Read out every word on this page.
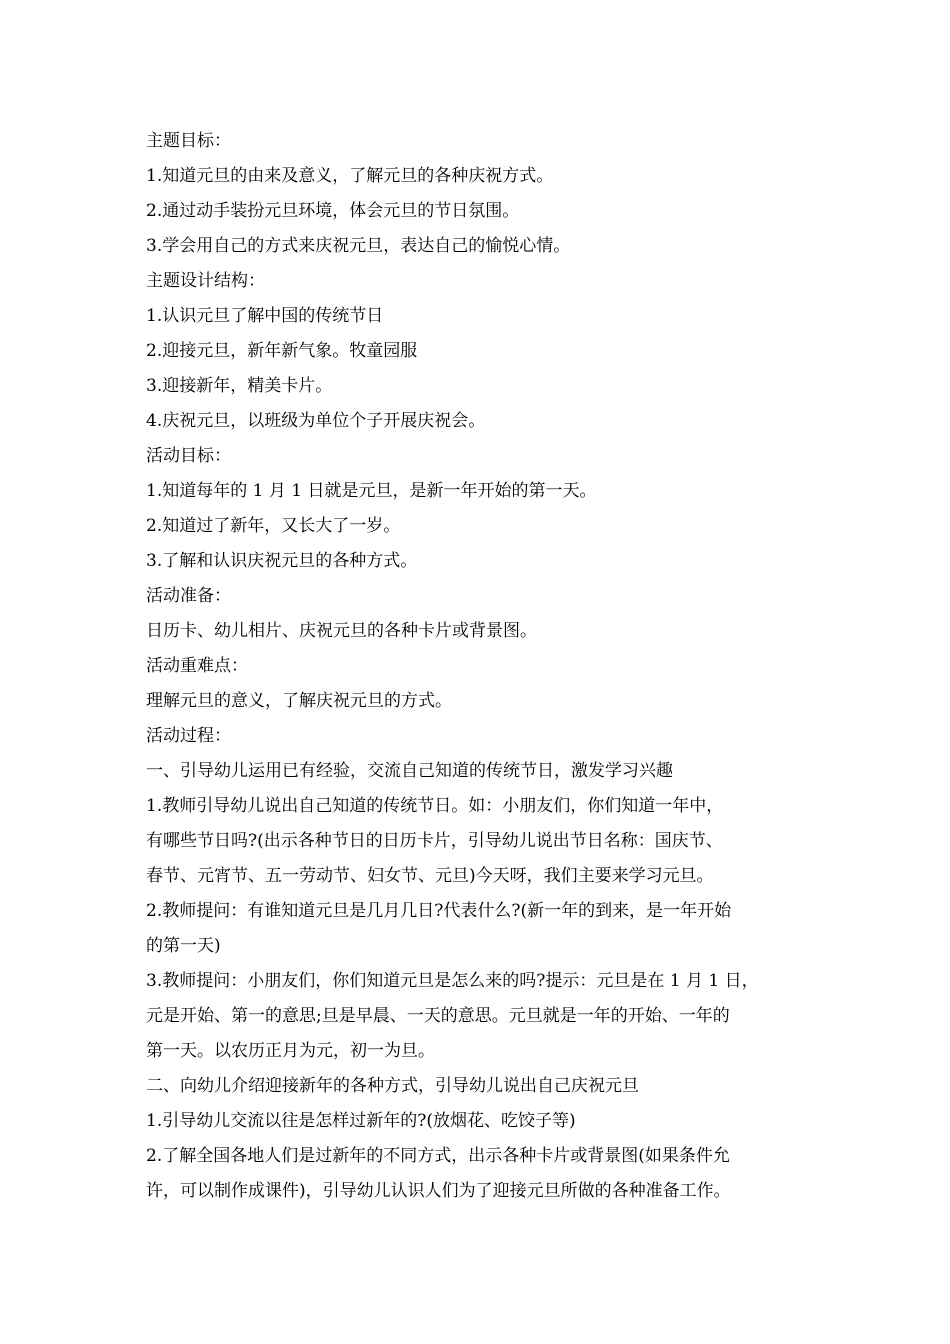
主题目标：
1.知道元旦的由来及意义，了解元旦的各种庆祝方式。
2.通过动手装扮元旦环境，体会元旦的节日氛围。
3.学会用自己的方式来庆祝元旦，表达自己的愉悦心情。
主题设计结构：
1.认识元旦了解中国的传统节日
2.迎接元旦，新年新气象。牧童园服
3.迎接新年，精美卡片。
4.庆祝元旦，以班级为单位个子开展庆祝会。
活动目标：
1.知道每年的 1 月 1 日就是元旦，是新一年开始的第一天。
2.知道过了新年，又长大了一岁。
3.了解和认识庆祝元旦的各种方式。
活动准备：
日历卡、幼儿相片、庆祝元旦的各种卡片或背景图。
活动重难点：
理解元旦的意义，了解庆祝元旦的方式。
活动过程：
一、引导幼儿运用已有经验，交流自己知道的传统节日，激发学习兴趣
1.教师引导幼儿说出自己知道的传统节日。如：小朋友们，你们知道一年中，
有哪些节日吗?(出示各种节日的日历卡片，引导幼儿说出节日名称：国庆节、
春节、元宵节、五一劳动节、妇女节、元旦)今天呀，我们主要来学习元旦。
2.教师提问：有谁知道元旦是几月几日?代表什么?(新一年的到来，是一年开始
的第一天)
3.教师提问：小朋友们，你们知道元旦是怎么来的吗?提示：元旦是在 1 月 1 日，
元是开始、第一的意思;旦是早晨、一天的意思。元旦就是一年的开始、一年的
第一天。以农历正月为元，初一为旦。
二、向幼儿介绍迎接新年的各种方式，引导幼儿说出自己庆祝元旦
1.引导幼儿交流以往是怎样过新年的?(放烟花、吃饺子等)
2.了解全国各地人们是过新年的不同方式，出示各种卡片或背景图(如果条件允
许，可以制作成课件)，引导幼儿认识人们为了迎接元旦所做的各种准备工作。
